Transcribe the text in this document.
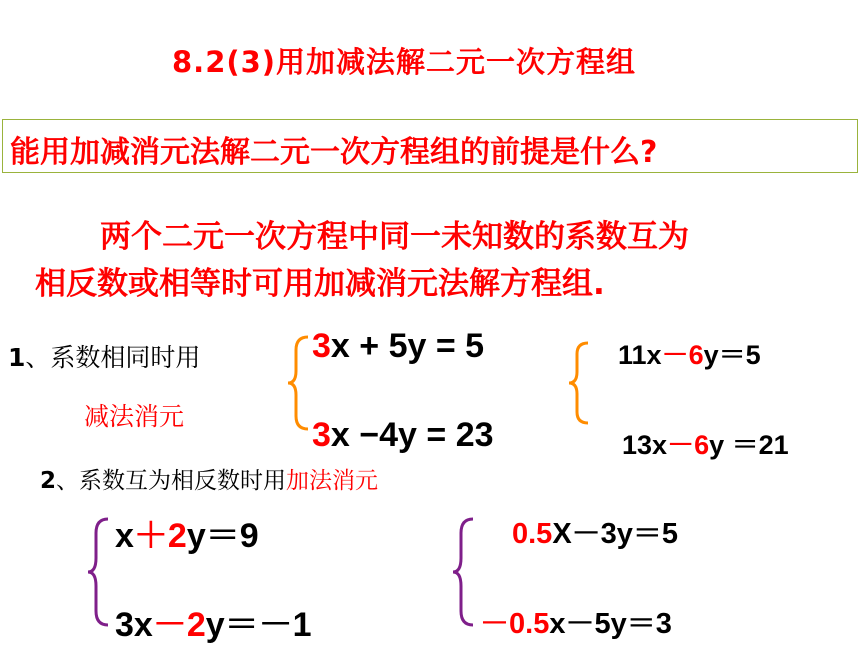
8.2(3)用加减法解二元一次方程组
能用加减消元法解二元一次方程组的前提是什么?
两个二元一次方程中同一未知数的系数互为
相反数或相等时可用加减消元法解方程组.
1、系数相同时用
减法消元
3x + 5y = 5
3x −4y = 23
11x－6y＝5
13x－6y ＝21
2、系数互为相反数时用加法消元
x＋2y＝9
3x－2y＝－1
0.5X－3y＝5
－0.5x－5y＝3
